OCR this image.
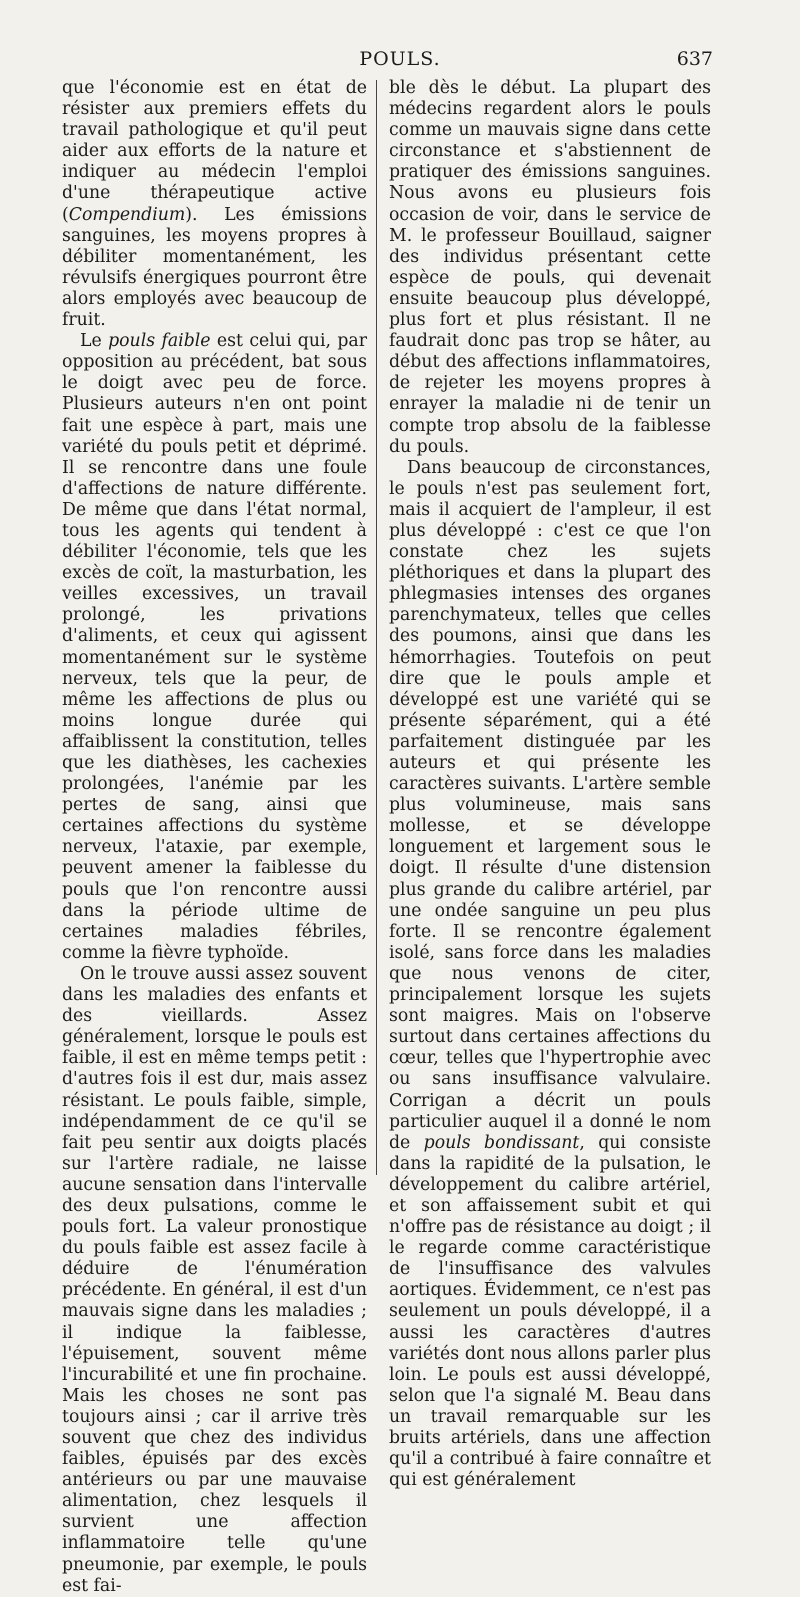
POULS.	637

que l'économie est en état de résister aux premiers effets du travail pathologique et qu'il peut aider aux efforts de la nature et indiquer au médecin l'emploi d'une thérapeutique active (Compendium). Les émissions sanguines, les moyens propres à débiliter momentanément, les révulsifs énergiques pourront être alors employés avec beaucoup de fruit.

Le pouls faible est celui qui, par opposition au précédent, bat sous le doigt avec peu de force. Plusieurs auteurs n'en ont point fait une espèce à part, mais une variété du pouls petit et déprimé. Il se rencontre dans une foule d'affections de nature différente. De même que dans l'état normal, tous les agents qui tendent à débiliter l'économie, tels que les excès de coït, la masturbation, les veilles excessives, un travail prolongé, les privations d'aliments, et ceux qui agissent momentanément sur le système nerveux, tels que la peur, de même les affections de plus ou moins longue durée qui affaiblissent la constitution, telles que les diathèses, les cachexies prolongées, l'anémie par les pertes de sang, ainsi que certaines affections du système nerveux, l'ataxie, par exemple, peuvent amener la faiblesse du pouls que l'on rencontre aussi dans la période ultime de certaines maladies fébriles, comme la fièvre typhoïde.

On le trouve aussi assez souvent dans les maladies des enfants et des vieillards. Assez généralement, lorsque le pouls est faible, il est en même temps petit : d'autres fois il est dur, mais assez résistant. Le pouls faible, simple, indépendamment de ce qu'il se fait peu sentir aux doigts placés sur l'artère radiale, ne laisse aucune sensation dans l'intervalle des deux pulsations, comme le pouls fort. La valeur pronostique du pouls faible est assez facile à déduire de l'énumération précédente. En général, il est d'un mauvais signe dans les maladies ; il indique la faiblesse, l'épuisement, souvent même l'incurabilité et une fin prochaine. Mais les choses ne sont pas toujours ainsi ; car il arrive très souvent que chez des individus faibles, épuisés par des excès antérieurs ou par une mauvaise alimentation, chez lesquels il survient une affection inflammatoire telle qu'une pneumonie, par exemple, le pouls est fai-

ble dès le début. La plupart des médecins regardent alors le pouls comme un mauvais signe dans cette circonstance et s'abstiennent de pratiquer des émissions sanguines. Nous avons eu plusieurs fois occasion de voir, dans le service de M. le professeur Bouillaud, saigner des individus présentant cette espèce de pouls, qui devenait ensuite beaucoup plus développé, plus fort et plus résistant. Il ne faudrait donc pas trop se hâter, au début des affections inflammatoires, de rejeter les moyens propres à enrayer la maladie ni de tenir un compte trop absolu de la faiblesse du pouls.

Dans beaucoup de circonstances, le pouls n'est pas seulement fort, mais il acquiert de l'ampleur, il est plus développé : c'est ce que l'on constate chez les sujets pléthoriques et dans la plupart des phlegmasies intenses des organes parenchymateux, telles que celles des poumons, ainsi que dans les hémorrhagies. Toutefois on peut dire que le pouls ample et développé est une variété qui se présente séparément, qui a été parfaitement distinguée par les auteurs et qui présente les caractères suivants. L'artère semble plus volumineuse, mais sans mollesse, et se développe longuement et largement sous le doigt. Il résulte d'une distension plus grande du calibre artériel, par une ondée sanguine un peu plus forte. Il se rencontre également isolé, sans force dans les maladies que nous venons de citer, principalement lorsque les sujets sont maigres. Mais on l'observe surtout dans certaines affections du cœur, telles que l'hypertrophie avec ou sans insuffisance valvulaire. Corrigan a décrit un pouls particulier auquel il a donné le nom de pouls bondissant, qui consiste dans la rapidité de la pulsation, le développement du calibre artériel, et son affaissement subit et qui n'offre pas de résistance au doigt ; il le regarde comme caractéristique de l'insuffisance des valvules aortiques. Évidemment, ce n'est pas seulement un pouls développé, il a aussi les caractères d'autres variétés dont nous allons parler plus loin. Le pouls est aussi développé, selon que l'a signalé M. Beau dans un travail remarquable sur les bruits artériels, dans une affection qu'il a contribué à faire connaître et qui est généralement
